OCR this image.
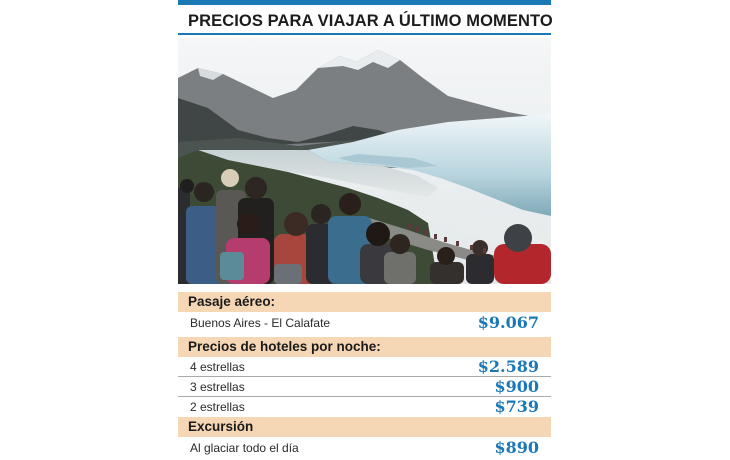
PRECIOS PARA VIAJAR A ÚLTIMO MOMENTO
Pasaje aéreo:
Buenos Aires - El Calafate	$9.067
Precios de hoteles por noche:
4 estrellas	$2.589
3 estrellas	$900
2 estrellas	$739
Excursión
Al glaciar todo el día	$890
